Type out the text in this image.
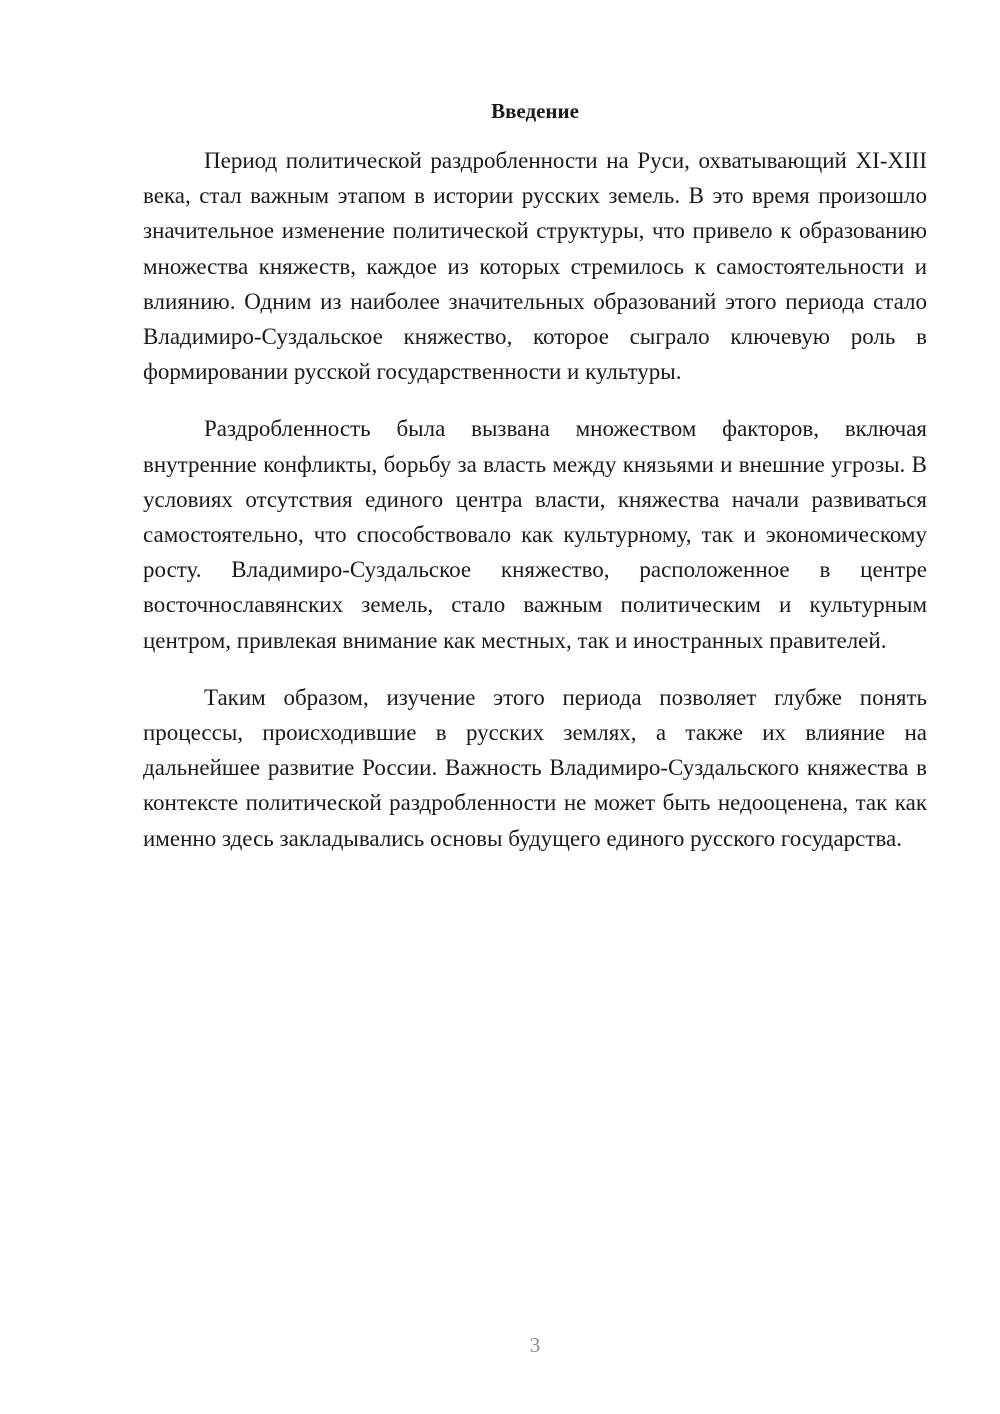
Введение

Период политической раздробленности на Руси, охватывающий XI-XIII века, стал важным этапом в истории русских земель. В это время произошло значительное изменение политической структуры, что привело к образованию множества княжеств, каждое из которых стремилось к самостоятельности и влиянию. Одним из наиболее значительных образований этого периода стало Владимиро-Суздальское княжество, которое сыграло ключевую роль в формировании русской государственности и культуры.

Раздробленность была вызвана множеством факторов, включая внутренние конфликты, борьбу за власть между князьями и внешние угрозы. В условиях отсутствия единого центра власти, княжества начали развиваться самостоятельно, что способствовало как культурному, так и экономическому росту. Владимиро-Суздальское княжество, расположенное в центре восточнославянских земель, стало важным политическим и культурным центром, привлекая внимание как местных, так и иностранных правителей.

Таким образом, изучение этого периода позволяет глубже понять процессы, происходившие в русских землях, а также их влияние на дальнейшее развитие России. Важность Владимиро-Суздальского княжества в контексте политической раздробленности не может быть недооценена, так как именно здесь закладывались основы будущего единого русского государства.

3
